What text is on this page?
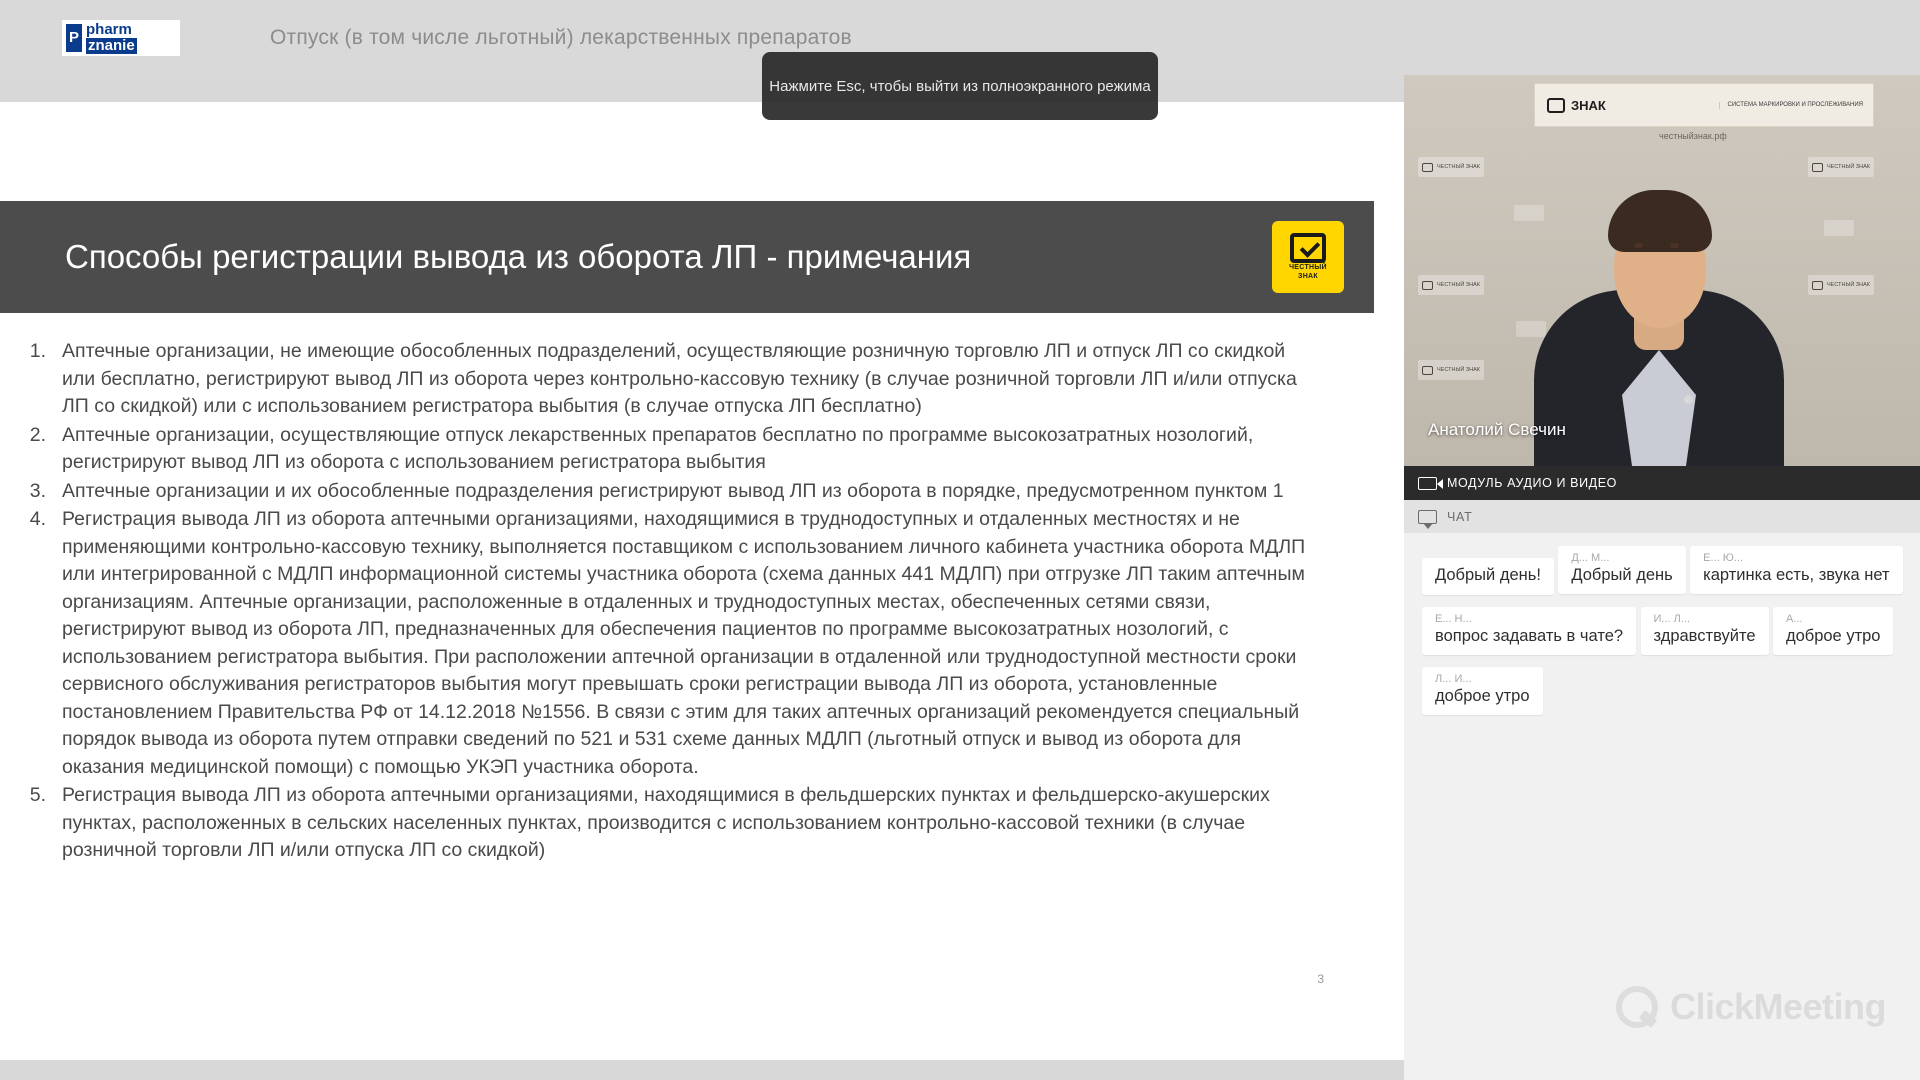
P pharm
znanie	Отпуск (в том числе льготный) лекарственных препаратов
Нажмите Esc, чтобы выйти из полноэкранного режима
Способы регистрации вывода из оборота ЛП - примечания	ЧЕСТНЫЙ
ЗНАК
1. Аптечные организации, не имеющие обособленных подразделений, осуществляющие розничную торговлю ЛП и отпуск ЛП со скидкой или бесплатно, регистрируют вывод ЛП из оборота через контрольно-кассовую технику (в случае розничной торговли ЛП и/или отпуска ЛП со скидкой) или с использованием регистратора выбытия (в случае отпуска ЛП бесплатно)
2. Аптечные организации, осуществляющие отпуск лекарственных препаратов бесплатно по программе высокозатратных нозологий, регистрируют вывод ЛП из оборота с использованием регистратора выбытия
3. Аптечные организации и их обособленные подразделения регистрируют вывод ЛП из оборота в порядке, предусмотренном пунктом 1
4. Регистрация вывода ЛП из оборота аптечными организациями, находящимися в труднодоступных и отдаленных местностях и не применяющими контрольно-кассовую технику, выполняется поставщиком с использованием личного кабинета участника оборота МДЛП или интегрированной с МДЛП информационной системы участника оборота (схема данных 441 МДЛП) при отгрузке ЛП таким аптечным организациям. Аптечные организации, расположенные в отдаленных и труднодоступных местах, обеспеченных сетями связи, регистрируют вывод из оборота ЛП, предназначенных для обеспечения пациентов по программе высокозатратных нозологий, с использованием регистратора выбытия. При расположении аптечной организации в отдаленной или труднодоступной местности сроки сервисного обслуживания регистраторов выбытия могут превышать сроки регистрации вывода ЛП из оборота, установленные постановлением Правительства РФ от 14.12.2018 №1556. В связи с этим для таких аптечных организаций рекомендуется специальный порядок вывода из оборота путем отправки сведений по 521 и 531 схеме данных МДЛП (льготный отпуск и вывод из оборота для оказания медицинской помощи) с помощью УКЭП участника оборота.
5. Регистрация вывода ЛП из оборота аптечными организациями, находящимися в фельдшерских пунктах и фельдшерско-акушерских пунктах, расположенных в сельских населенных пунктах, производится с использованием контрольно-кассовой техники (в случае розничной торговли ЛП и/или отпуска ЛП со скидкой)
3
ЗНАК	СИСТЕМА МАРКИРОВКИ И ПРОСЛЕЖИВАНИЯ
честныйзнак.рф
ЧЕСТНЫЙ ЗНАК
ЧЕСТНЫЙ ЗНАК
ЧЕСТНЫЙ ЗНАК
ЧЕСТНЫЙ ЗНАК
ЧЕСТНЫЙ ЗНАК
Анатолий Свечин
МОДУЛЬ АУДИО И ВИДЕО
ЧАТ
Добрый день!

Д... М...
Добрый день

Е... Ю...
картинка есть, звука нет

Е... Н...
вопрос задавать в чате?

И... Л...
здравствуйте

А...
доброе утро

Л... И...
доброе утро
ClickMeeting
